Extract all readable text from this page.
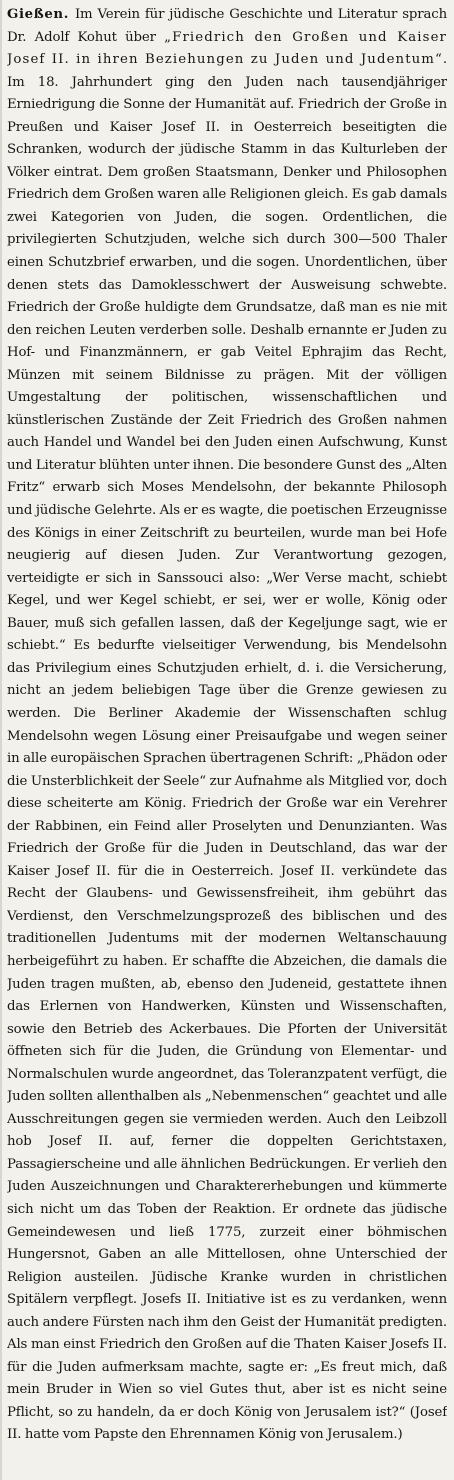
Gießen. Im Verein für jüdische Geschichte und Literatur sprach Dr. Adolf Kohut über „Friedrich den Großen und Kaiser Josef II. in ihren Beziehungen zu Juden und Judentum“. Im 18. Jahrhundert ging den Juden nach tausendjähriger Erniedrigung die Sonne der Humanität auf. Friedrich der Große in Preußen und Kaiser Josef II. in Oesterreich beseitigten die Schranken, wodurch der jüdische Stamm in das Kulturleben der Völker eintrat. Dem großen Staatsmann, Denker und Philosophen Friedrich dem Großen waren alle Religionen gleich. Es gab damals zwei Kategorien von Juden, die sogen. Ordentlichen, die privilegierten Schutzjuden, welche sich durch 300—500 Thaler einen Schutzbrief erwarben, und die sogen. Unordentlichen, über denen stets das Damoklesschwert der Ausweisung schwebte. Friedrich der Große huldigte dem Grundsatze, daß man es nie mit den reichen Leuten verderben solle. Deshalb ernannte er Juden zu Hof- und Finanzmännern, er gab Veitel Ephrajim das Recht, Münzen mit seinem Bildnisse zu prägen. Mit der völligen Umgestaltung der politischen, wissenschaftlichen und künstlerischen Zustände der Zeit Friedrich des Großen nahmen auch Handel und Wandel bei den Juden einen Aufschwung, Kunst und Literatur blühten unter ihnen. Die besondere Gunst des „Alten Fritz“ erwarb sich Moses Mendelsohn, der bekannte Philosoph und jüdische Gelehrte. Als er es wagte, die poetischen Erzeugnisse des Königs in einer Zeitschrift zu beurteilen, wurde man bei Hofe neugierig auf diesen Juden. Zur Verantwortung gezogen, verteidigte er sich in Sanssouci also: „Wer Verse macht, schiebt Kegel, und wer Kegel schiebt, er sei, wer er wolle, König oder Bauer, muß sich gefallen lassen, daß der Kegeljunge sagt, wie er schiebt.“ Es bedurfte vielseitiger Verwendung, bis Mendelsohn das Privilegium eines Schutzjuden erhielt, d. i. die Versicherung, nicht an jedem beliebigen Tage über die Grenze gewiesen zu werden. Die Berliner Akademie der Wissenschaften schlug Mendelsohn wegen Lösung einer Preisaufgabe und wegen seiner in alle europäischen Sprachen übertragenen Schrift: „Phädon oder die Unsterblichkeit der Seele“ zur Aufnahme als Mitglied vor, doch diese scheiterte am König. Friedrich der Große war ein Verehrer der Rabbinen, ein Feind aller Proselyten und Denunzianten. Was Friedrich der Große für die Juden in Deutschland, das war der Kaiser Josef II. für die in Oesterreich. Josef II. verkündete das Recht der Glaubens- und Gewissensfreiheit, ihm gebührt das Verdienst, den Verschmelzungsprozeß des biblischen und des traditionellen Judentums mit der modernen Weltanschauung herbeigeführt zu haben. Er schaffte die Abzeichen, die damals die Juden tragen mußten, ab, ebenso den Judeneid, gestattete ihnen das Erlernen von Handwerken, Künsten und Wissenschaften, sowie den Betrieb des Ackerbaues. Die Pforten der Universität öffneten sich für die Juden, die Gründung von Elementar- und Normalschulen wurde angeordnet, das Toleranzpatent verfügt, die Juden sollten allenthalben als „Nebenmenschen“ geachtet und alle Ausschreitungen gegen sie vermieden werden. Auch den Leibzoll hob Josef II. auf, ferner die doppelten Gerichtstaxen, Passagierscheine und alle ähnlichen Bedrückungen. Er verlieh den Juden Auszeichnungen und Charaktererhebungen und kümmerte sich nicht um das Toben der Reaktion. Er ordnete das jüdische Gemeindewesen und ließ 1775, zurzeit einer böhmischen Hungersnot, Gaben an alle Mittellosen, ohne Unterschied der Religion austeilen. Jüdische Kranke wurden in christlichen Spitälern verpflegt. Josefs II. Initiative ist es zu verdanken, wenn auch andere Fürsten nach ihm den Geist der Humanität predigten. Als man einst Friedrich den Großen auf die Thaten Kaiser Josefs II. für die Juden aufmerksam machte, sagte er: „Es freut mich, daß mein Bruder in Wien so viel Gutes thut, aber ist es nicht seine Pflicht, so zu handeln, da er doch König von Jerusalem ist?“ (Josef II. hatte vom Papste den Ehrennamen König von Jerusalem.)
